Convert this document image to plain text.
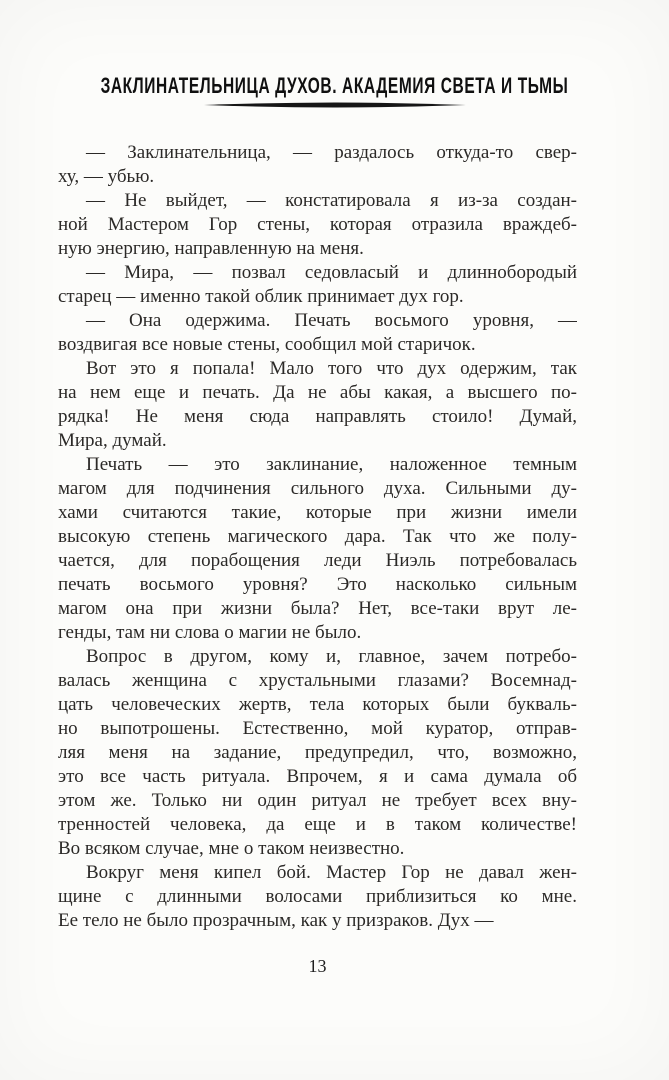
ЗАКЛИНАТЕЛЬНИЦА ДУХОВ. АКАДЕМИЯ СВЕТА И ТЬМЫ
— Заклинательница, — раздалось откуда-то свер-
ху, — убью.
— Не выйдет, — констатировала я из-за создан-
ной Мастером Гор стены, которая отразила враждеб-
ную энергию, направленную на меня.
— Мира, — позвал седовласый и длиннобородый
старец — именно такой облик принимает дух гор.
— Она одержима. Печать восьмого уровня, —
воздвигая все новые стены, сообщил мой старичок.
Вот это я попала! Мало того что дух одержим, так
на нем еще и печать. Да не абы какая, а высшего по-
рядка! Не меня сюда направлять стоило! Думай,
Мира, думай.
Печать — это заклинание, наложенное темным
магом для подчинения сильного духа. Сильными ду-
хами считаются такие, которые при жизни имели
высокую степень магического дара. Так что же полу-
чается, для порабощения леди Ниэль потребовалась
печать восьмого уровня? Это насколько сильным
магом она при жизни была? Нет, все-таки врут ле-
генды, там ни слова о магии не было.
Вопрос в другом, кому и, главное, зачем потребо-
валась женщина с хрустальными глазами? Восемнад-
цать человеческих жертв, тела которых были букваль-
но выпотрошены. Естественно, мой куратор, отправ-
ляя меня на задание, предупредил, что, возможно,
это все часть ритуала. Впрочем, я и сама думала об
этом же. Только ни один ритуал не требует всех вну-
тренностей человека, да еще и в таком количестве!
Во всяком случае, мне о таком неизвестно.
Вокруг меня кипел бой. Мастер Гор не давал жен-
щине с длинными волосами приблизиться ко мне.
Ее тело не было прозрачным, как у призраков. Дух —
13
